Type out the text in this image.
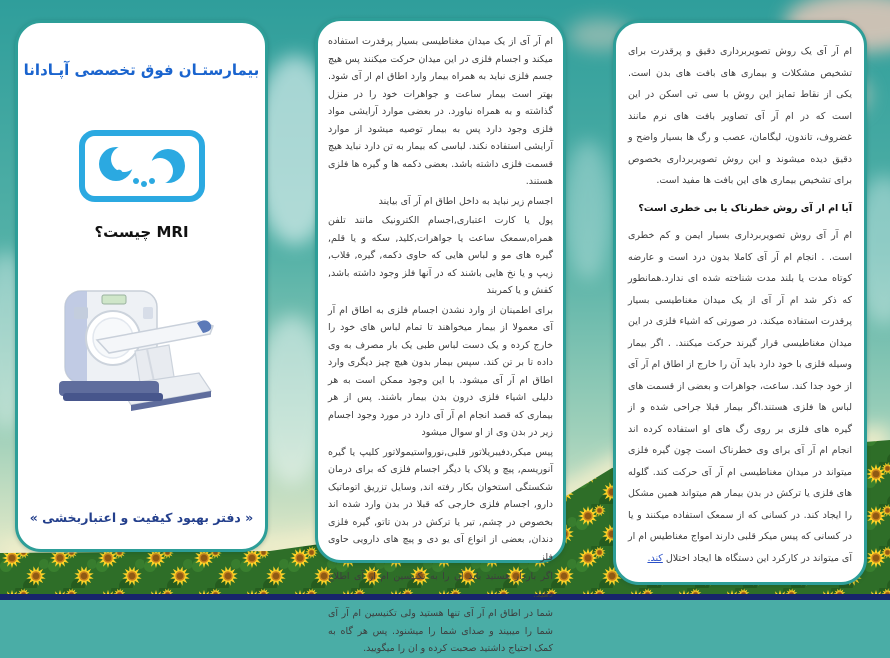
بیمارستـان فوق تخصصی آپـادانا
MRI چیست؟
« دفتر بهبود کیفیت و اعتباربخشی »

ام آر آی از یک میدان مغناطیسی بسیار پرقدرت استفاده میکند و اجسام فلزی در این میدان حرکت میکنند پس هیچ جسم فلزی نباید به همراه بیمار وارد اطاق ام ار آی شود. بهتر است بیمار ساعت و جواهرات خود را در منزل گذاشته و به همراه نیاورد. در بعضی موارد آرایشی مواد فلزی وجود دارد پس به بیمار توصیه میشود از موارد آرایشی استفاده نکند. لباسی که بیمار به تن دارد نباید هیچ قسمت فلزی داشته باشد. بعضی دکمه ها و گیره ها فلزی هستند.

اجسام زیر نباید به داخل اطاق ام آر آی بیایند

پول یا کارت اعتباری,اجسام الکترونیک مانند تلفن همراه,سمعک ساعت یا جواهرات,کلید, سکه و یا قلم, گیره های مو و لباس هایی که حاوی دکمه, گیره, قلاب, زیپ و یا نخ هایی باشند که در آنها فلز وجود داشته باشد, کفش و یا کمربند

برای اطمینان از وارد نشدن اجسام فلزی به اطاق ام آر آی معمولا از بیمار میخواهند تا تمام لباس های خود را خارج کرده و یک دست لباس طبی یک بار مصرف به وی داده تا بر تن کند. سپس بیمار بدون هیچ چیز دیگری وارد اطاق ام آر آی میشود. با این وجود ممکن است به هر دلیلی اشیاء فلزی درون بدن بیمار باشند. پس از هر بیماری که قصد انجام ام آر آی دارد در مورد وجود اجسام زیر در بدن وی از او سوال میشود

پیس میکر,دفیبریلاتور قلبی,نورواستیمولاتور کلیپ یا گیره آنوریسم, پیچ و پلاک یا دیگر اجسام فلزی که برای درمان شکستگی استخوان بکار رفته اند, وسایل تزریق اتوماتیک دارو, اجسام فلزی خارجی که قبلا در بدن وارد شده اند بخصوص در چشم, تیر یا ترکش در بدن تاتو, گیره فلزی دندان, بعضی از انواع آی یو دی و پیچ های دارویی حاوی فلز

اگر باردار هستید باید آن را به تکنیسین ام آر آی اطلاع دهید.

شما در اطاق ام آر آی تنها هستید ولی تکنیسین ام آر آی شما را میبیند و صدای شما را میشنود. پس هر گاه به کمک احتیاج داشتید صحبت کرده و ان را میگویید.

ام آر آی یک روش تصویربرداری دقیق و پرقدرت برای تشخیص مشکلات و بیماری های بافت های بدن است. یکی از نقاط تمایز این روش با سی تی اسکن در این است که در ام آر آی تصاویر بافت های نرم مانند غضروف، تاندون، لیگامان، عصب و رگ ها بسیار واضح و دقیق دیده میشوند و این روش تصویربرداری بخصوص برای تشخیص بیماری های این بافت ها مفید است.

آیا ام ار آی روش خطرناک یا بی خطری است؟

ام آر آی روش تصویربرداری بسیار ایمن و کم خطری است. . انجام ام آر آی کاملا بدون درد است و عارضه کوتاه مدت یا بلند مدت شناخته شده ای ندارد.همانطور که ذکر شد ام آر آی از یک میدان مغناطیسی بسیار پرقدرت استفاده میکند. در صورتی که اشیاء فلزی در این میدان مغناطیسی قرار گیرند حرکت میکنند. . اگر بیمار وسیله فلزی با خود دارد باید آن را خارج از اطاق ام آر آی از خود جدا کند. ساعت، جواهرات و بعضی از قسمت های لباس ها فلزی هستند.اگر بیمار قبلا جراحی شده و از گیره های فلزی بر روی رگ های او استفاده کرده اند انجام ام آر آی برای وی خطرناک است چون گیره فلزی میتواند در میدان مغناطیسی ام آر آی حرکت کند. گلوله های فلزی یا ترکش در بدن بیمار هم میتواند همین مشکل را ایجاد کند. در کسانی که از سمعک استفاده میکنند و یا در کسانی که پیس میکر قلبی دارند امواج مغناطیس ام ار آی میتواند در کارکرد این دستگاه ها ایجاد اختلال کند.
